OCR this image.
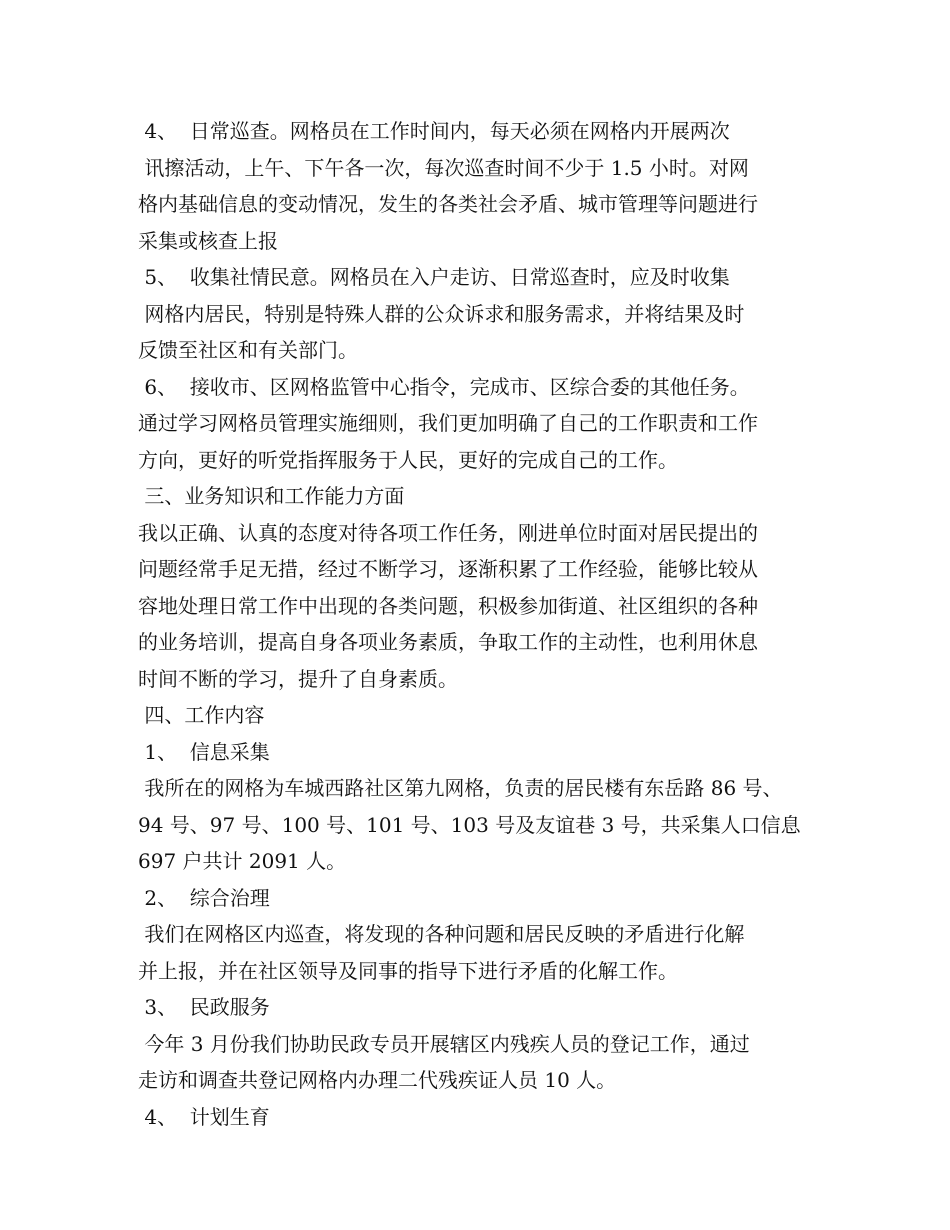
4、  日常巡查。网格员在工作时间内，每天必须在网格内开展两次
讯擦活动，上午、下午各一次，每次巡查时间不少于 1.5 小时。对网
格内基础信息的变动情况，发生的各类社会矛盾、城市管理等问题进行
采集或核查上报
5、  收集社情民意。网格员在入户走访、日常巡查时，应及时收集
网格内居民，特别是特殊人群的公众诉求和服务需求，并将结果及时
反馈至社区和有关部门。
6、  接收市、区网格监管中心指令，完成市、区综合委的其他任务。
通过学习网格员管理实施细则，我们更加明确了自己的工作职责和工作
方向，更好的听党指挥服务于人民，更好的完成自己的工作。
三、业务知识和工作能力方面
我以正确、认真的态度对待各项工作任务，刚进单位时面对居民提出的
问题经常手足无措，经过不断学习，逐渐积累了工作经验，能够比较从
容地处理日常工作中出现的各类问题，积极参加街道、社区组织的各种
的业务培训，提高自身各项业务素质，争取工作的主动性，也利用休息
时间不断的学习，提升了自身素质。
四、工作内容
1、  信息采集
我所在的网格为车城西路社区第九网格，负责的居民楼有东岳路 86 号、
94 号、97 号、100 号、101 号、103 号及友谊巷 3 号，共采集人口信息
697 户共计 2091 人。
2、  综合治理
我们在网格区内巡查，将发现的各种问题和居民反映的矛盾进行化解
并上报，并在社区领导及同事的指导下进行矛盾的化解工作。
3、  民政服务
今年 3 月份我们协助民政专员开展辖区内残疾人员的登记工作，通过
走访和调查共登记网格内办理二代残疾证人员 10 人。
4、  计划生育
